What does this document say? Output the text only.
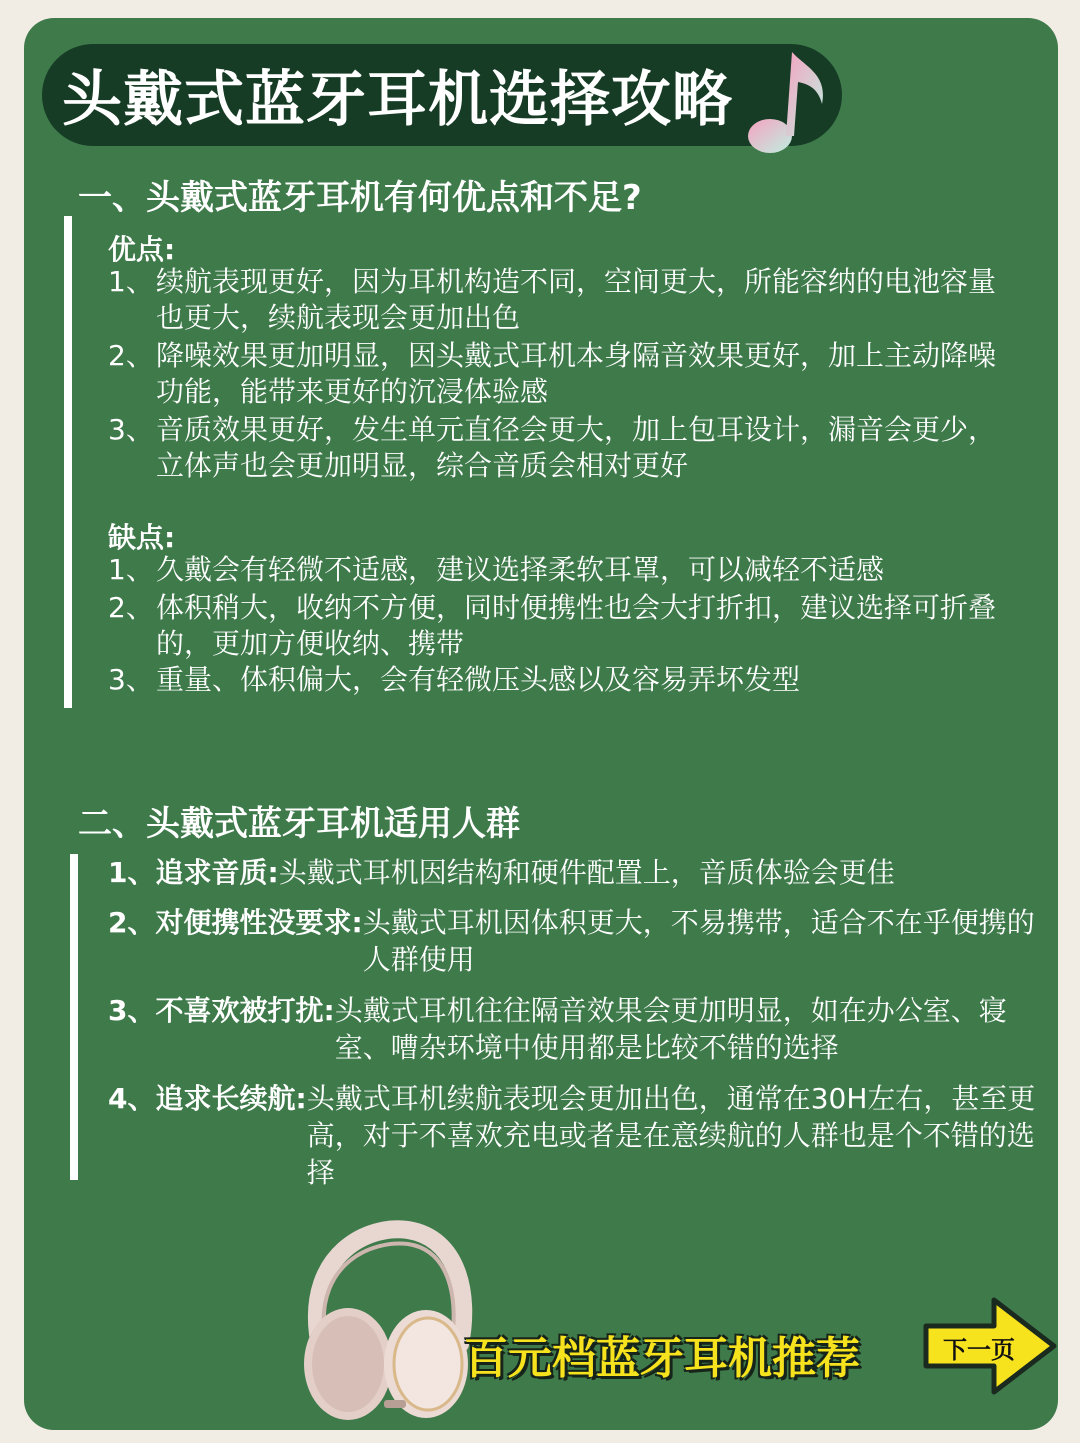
头戴式蓝牙耳机选择攻略
一、头戴式蓝牙耳机有何优点和不足?
优点:
1、 续航表现更好，因为耳机构造不同，空间更大，所能容纳的电池容量也更大，续航表现会更加出色
2、 降噪效果更加明显，因头戴式耳机本身隔音效果更好，加上主动降噪功能，能带来更好的沉浸体验感
3、 音质效果更好，发生单元直径会更大，加上包耳设计，漏音会更少，立体声也会更加明显，综合音质会相对更好
缺点:
1、 久戴会有轻微不适感，建议选择柔软耳罩，可以减轻不适感
2、 体积稍大，收纳不方便，同时便携性也会大打折扣，建议选择可折叠的，更加方便收纳、携带
3、 重量、体积偏大，会有轻微压头感以及容易弄坏发型
二、头戴式蓝牙耳机适用人群
1、追求音质: 头戴式耳机因结构和硬件配置上，音质体验会更佳
2、对便携性没要求: 头戴式耳机因体积更大，不易携带，适合不在乎便携的人群使用
3、不喜欢被打扰: 头戴式耳机往往隔音效果会更加明显，如在办公室、寝室、嘈杂环境中使用都是比较不错的选择
4、追求长续航: 头戴式耳机续航表现会更加出色，通常在30H左右，甚至更高，对于不喜欢充电或者是在意续航的人群也是个不错的选择
百元档蓝牙耳机推荐	下一页
